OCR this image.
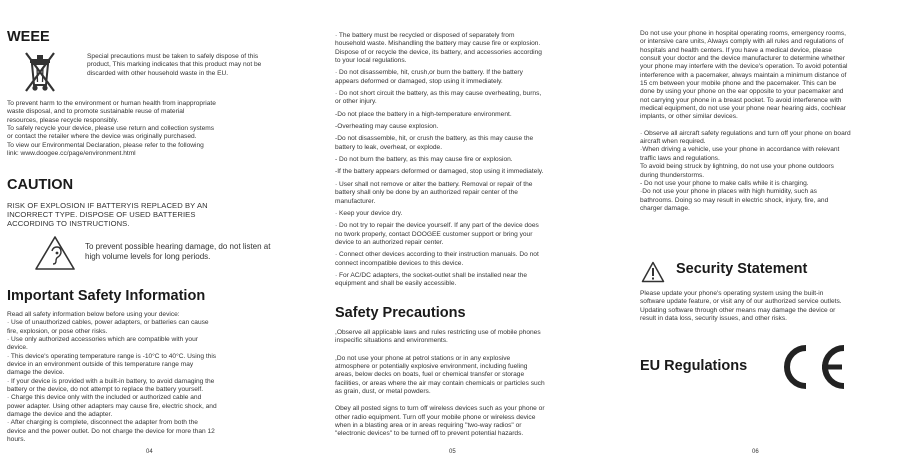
WEEE
Special precautions must be taken to safely dispose of this product, This marking indicates that this product may not be discarded with other household waste in the EU.

To prevent harm to the environment or human health from inappropriate

waste disposal, and to promote sustainable reuse of material

resources, please recycle responsibly.

To safely recycle your device, please use return and collection systems

or contact the retailer where the device was originally purchased.

To view our Environmental Declaration, please refer to the following

link: www.doogee.cc/page/environment.html

CAUTION

RISK OF EXPLOSION IF BATTERYIS REPLACED BY AN

INCORRECT TYPE. DISPOSE OF USED BATTERIES

ACCORDING TO INSTRUCTIONS.

To prevent possible hearing damage, do not listen at high volume levels for long periods.
Important Safety Information

Read all safety information below before using your device:

· Use of unauthorized cables, power adapters, or batteries can cause

fire, explosion, or pose other risks.

· Use only authorized accessories which are compatible with your

device.

· This device's operating temperature range is -10°C to 40°C. Using this

device in an environment outside of this temperature range may

damage the device.

· If your device is provided with a built-in battery, to avoid damaging the

battery or the device, do not attempt to replace the battery yourself.

· Charge this device only with the included or authorized cable and

power adapter. Using other adapters may cause fire, electric shock, and

damage the device and the adapter.

· After charging is complete, disconnect the adapter from both the

device and the power outlet. Do not charge the device for more than 12

hours.

04

· The battery must be recycled or disposed of separately from

household waste. Mishandling the battery may cause fire or explosion.

Dispose of or recycle the device, its battery, and accessories according

to your local regulations.

· Do not disassemble, hit, crush,or burn the battery. If the battery

appears deformed or damaged, stop using it immediately.

· Do not short circuit the battery, as this may cause overheating, burns,

or other injury.

-Do not place the battery in a high-temperature environment.

-Overheating may cause explosion.

-Do not disassemble, hit, or crush the battery, as this may cause the

battery to leak, overheat, or explode.

- Do not burn the battery, as this may cause fire or explosion.

-If the battery appears deformed or damaged, stop using it immediately.

· User shall not remove or alter the battery. Removal or repair of the

battery shall only be done by an authorized repair center of the

manufacturer.

· Keep your device dry.

· Do not try to repair the device yourself. If any part of the device does

no twork properly, contact DOOGEE customer support or bring your

device to an authorized repair center.

· Connect other devices according to their instruction manuals. Do not

connect incompatible devices to this device.

· For AC/DC adapters, the socket-outlet shall be installed near the

equipment and shall be easily accessible.

Safety Precautions

,Observe all applicable laws and rules restricting use of mobile phones

inspecific situations and environments.

,Do not use your phone at petrol stations or in any explosive

atmosphere or potentially explosive environment, including fueling

areas, below decks on boats, fuel or chemical transfer or storage

facilities, or areas where the air may contain chemicals or particles such

as grain, dust, or metal powders.

Obey all posted signs to turn off wireless devices such as your phone or

other radio equipment. Turn off your mobile phone or wireless device

when in a blasting area or in areas requiring "two-way radios" or

"electronic devices" to be turned off to prevent potential hazards.

05

Do not use your phone in hospital operating rooms, emergency rooms,

or intensive care units, Always comply with all rules and regulations of

hospitals and health centers. If you have a medical device, please

consult your doctor and the device manufacturer to determine whether

your phone may interfere with the device's operation. To avoid potential

interference with a pacemaker, always maintain a minimum distance of

15 cm between your mobile phone and the pacemaker. This can be

done by using your phone on the ear opposite to your pacemaker and

not carrying your phone in a breast pocket. To avoid interference with

medical equipment, do not use your phone near hearing aids, cochlear

implants, or other similar devices.

· Observe all aircraft safety regulations and turn off your phone on board

aircraft when required.

·When driving a vehicle, use your phone in accordance with relevant

traffic laws and regulations.

To avoid being struck by lightning, do not use your phone outdoors

during thunderstorms.

- Do not use your phone to make calls while it is charging.

·Do not use your phone in places with high humidity, such as

bathrooms. Doing so may result in electric shock, injury, fire, and

charger damage.

Security Statement

Please update your phone's operating system using the built-in

software update feature, or visit any of our authorized service outlets.

Updating software through other means may damage the device or

result in data loss, security issues, and other risks.

EU Regulations
06
